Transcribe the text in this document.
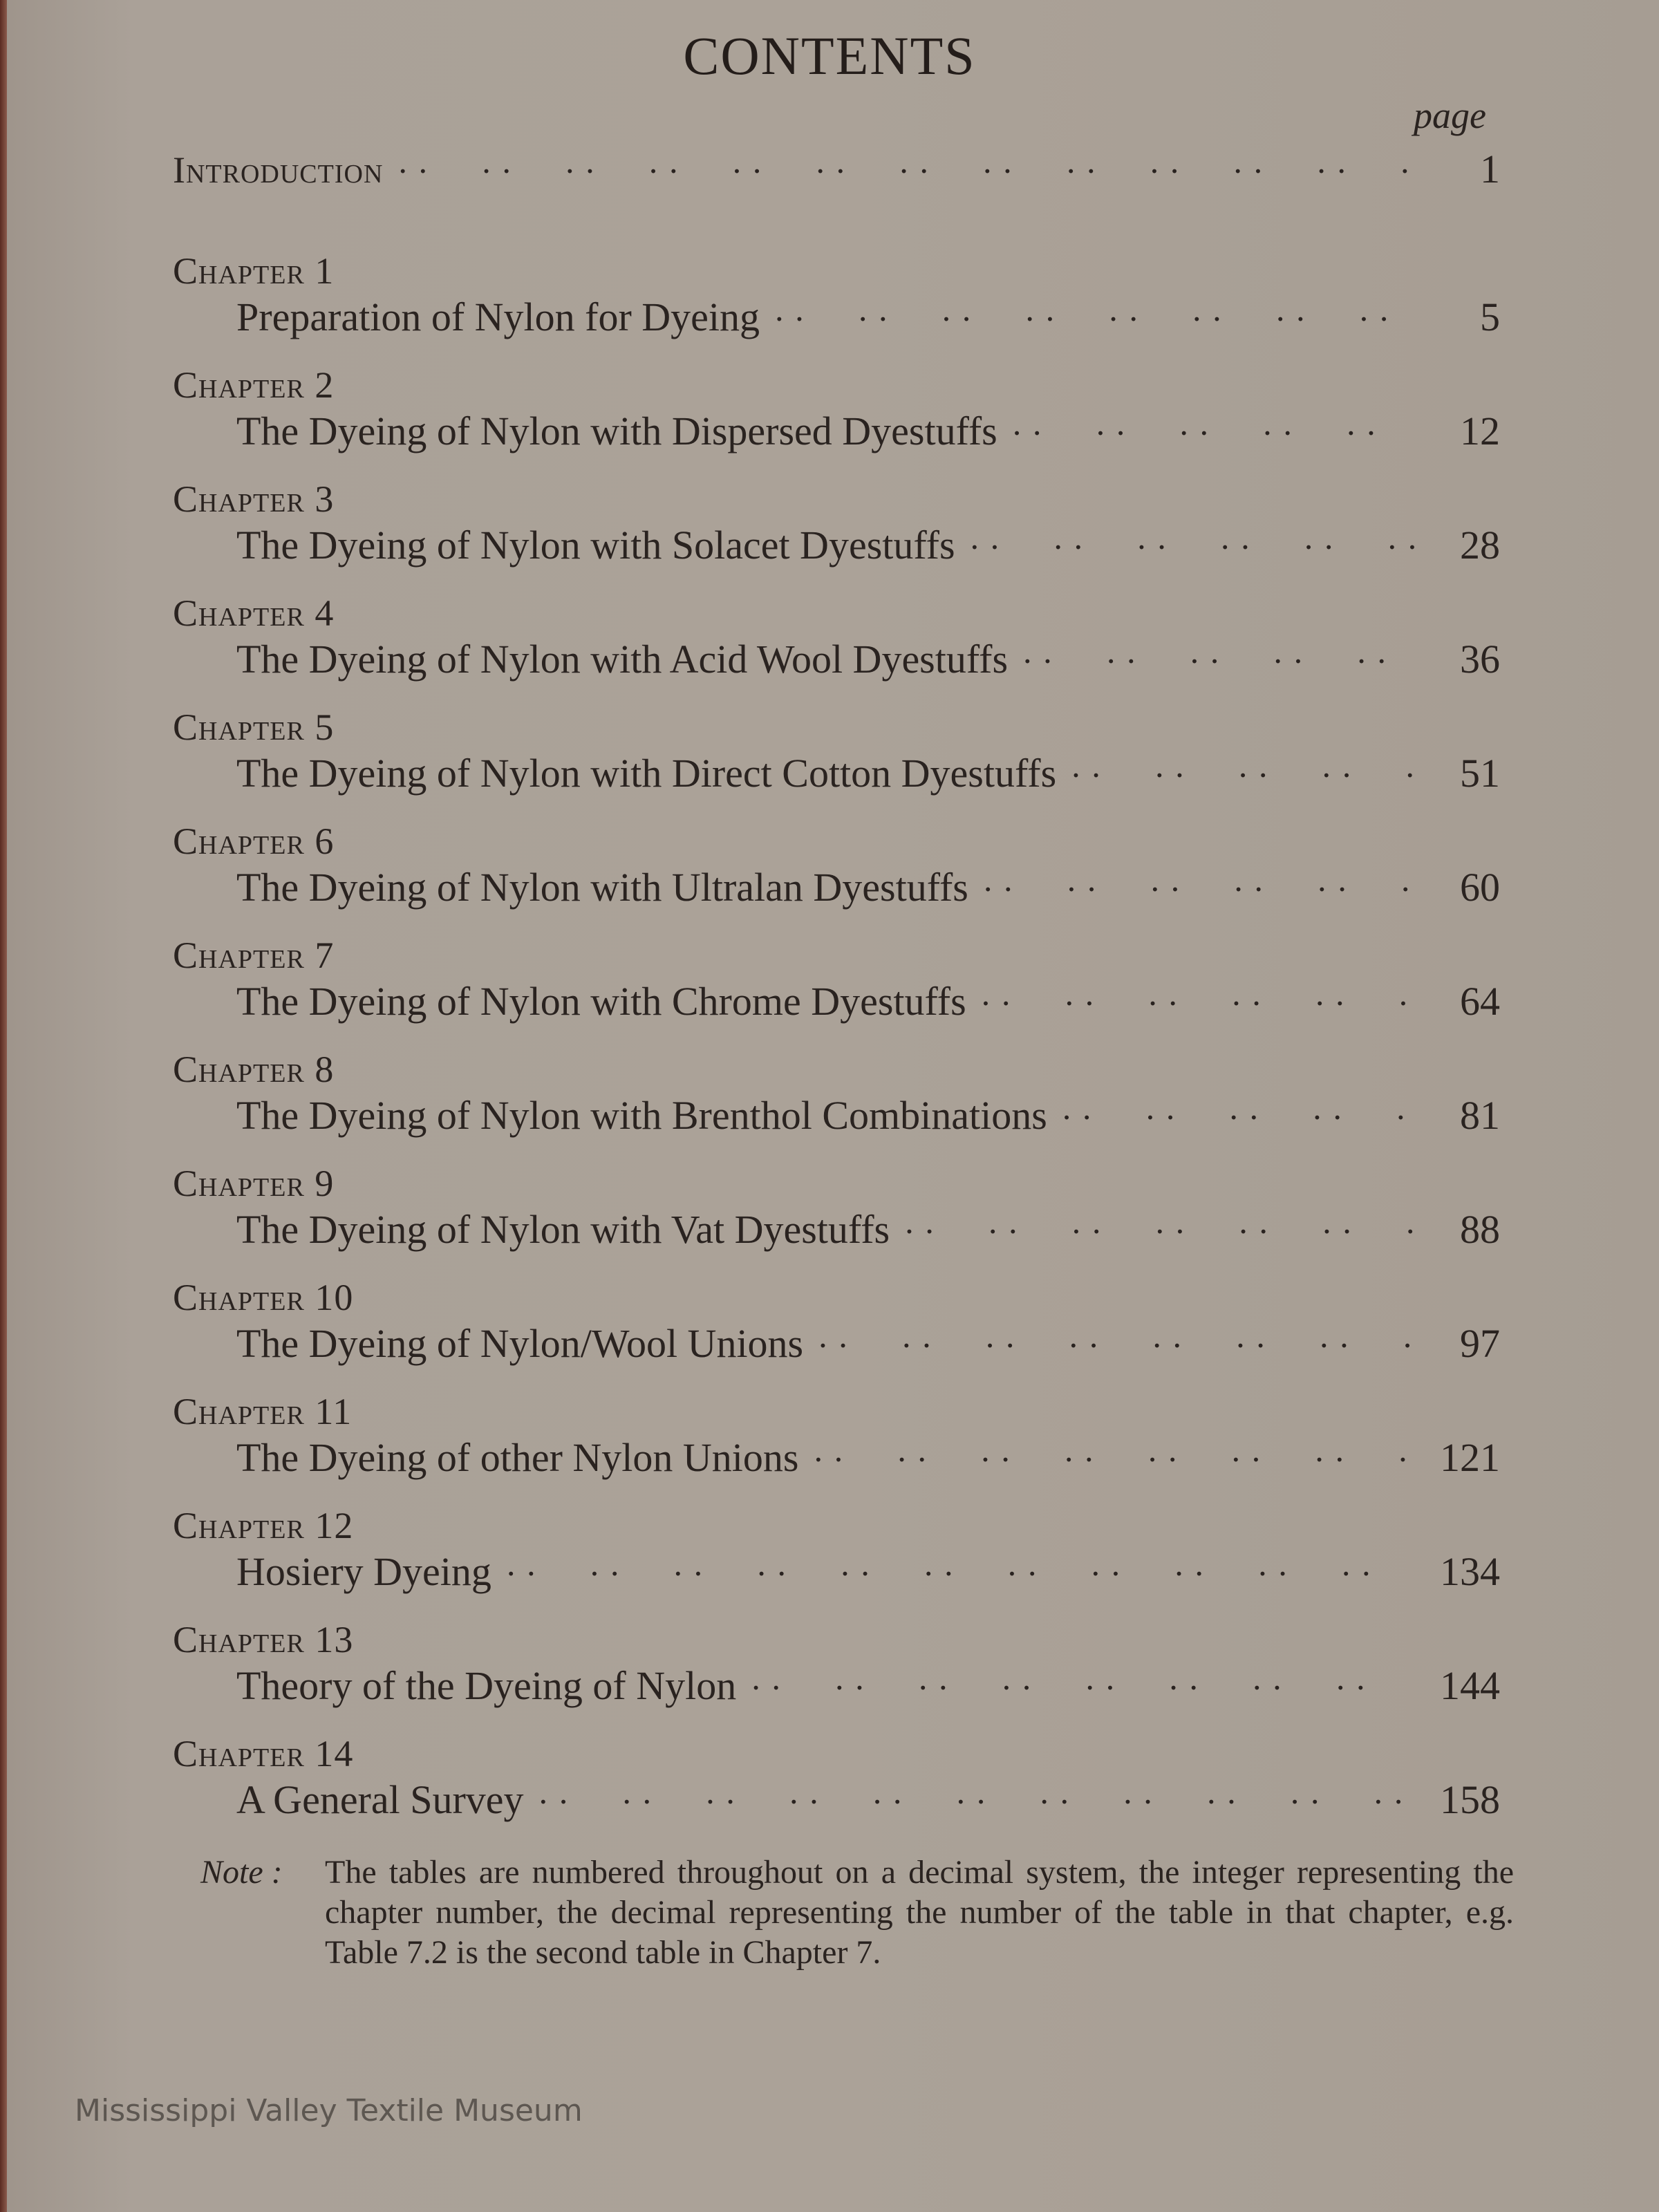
CONTENTS
page
Introduction · ·	1
Chapter 1
Preparation of Nylon for Dyeing · ·	5
Chapter 2
The Dyeing of Nylon with Dispersed Dyestuffs · ·	12
Chapter 3
The Dyeing of Nylon with Solacet Dyestuffs · ·	28
Chapter 4
The Dyeing of Nylon with Acid Wool Dyestuffs · ·	36
Chapter 5
The Dyeing of Nylon with Direct Cotton Dyestuffs · ·	51
Chapter 6
The Dyeing of Nylon with Ultralan Dyestuffs · ·	60
Chapter 7
The Dyeing of Nylon with Chrome Dyestuffs · ·	64
Chapter 8
The Dyeing of Nylon with Brenthol Combinations · ·	81
Chapter 9
The Dyeing of Nylon with Vat Dyestuffs · ·	88
Chapter 10
The Dyeing of Nylon/Wool Unions · ·	97
Chapter 11
The Dyeing of other Nylon Unions · ·	121
Chapter 12
Hosiery Dyeing · ·	134
Chapter 13
Theory of the Dyeing of Nylon · ·	144
Chapter 14
A General Survey · ·	158
Note :	The tables are numbered throughout on a decimal system, the integer representing the chapter number, the decimal representing the number of the table in that chapter, e.g. Table 7.2 is the second table in Chapter 7.
Mississippi Valley Textile Museum
